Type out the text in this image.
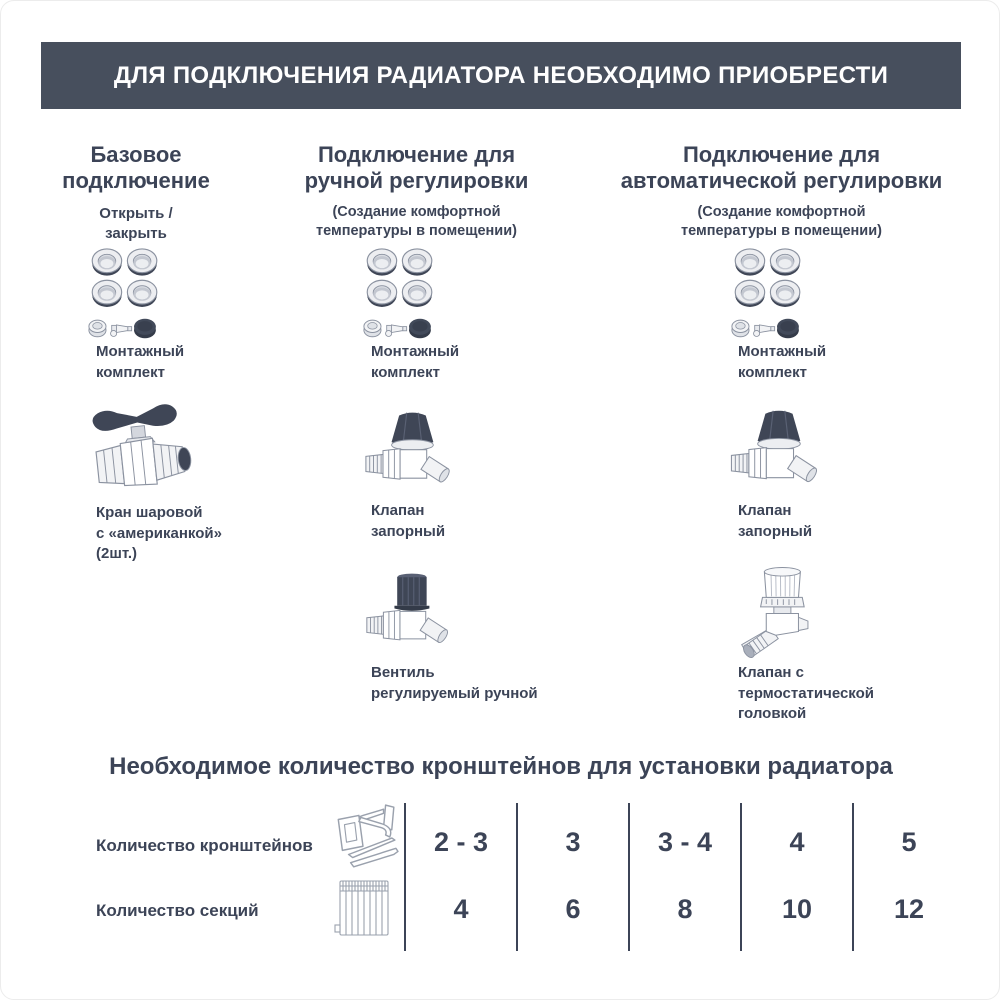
ДЛЯ ПОДКЛЮЧЕНИЯ РАДИАТОРА НЕОБХОДИМО ПРИОБРЕСТИ
Базовое
подключение
Открыть /
закрыть
Подключение для
ручной регулировки
(Создание комфортной
температуры в помещении)
Подключение для
автоматической регулировки
(Создание комфортной
температуры в помещении)
Монтажный
комплект
Монтажный
комплект
Монтажный
комплект
Кран шаровой
с «американкой»
(2шт.)
Клапан
запорный
Клапан
запорный
Вентиль
регулируемый ручной
Клапан с
термостатической
головкой
Необходимое количество кронштейнов для установки радиатора
Количество кронштейнов	2 - 3	3	3 - 4	4	5
Количество секций	4	6	8	10	12
